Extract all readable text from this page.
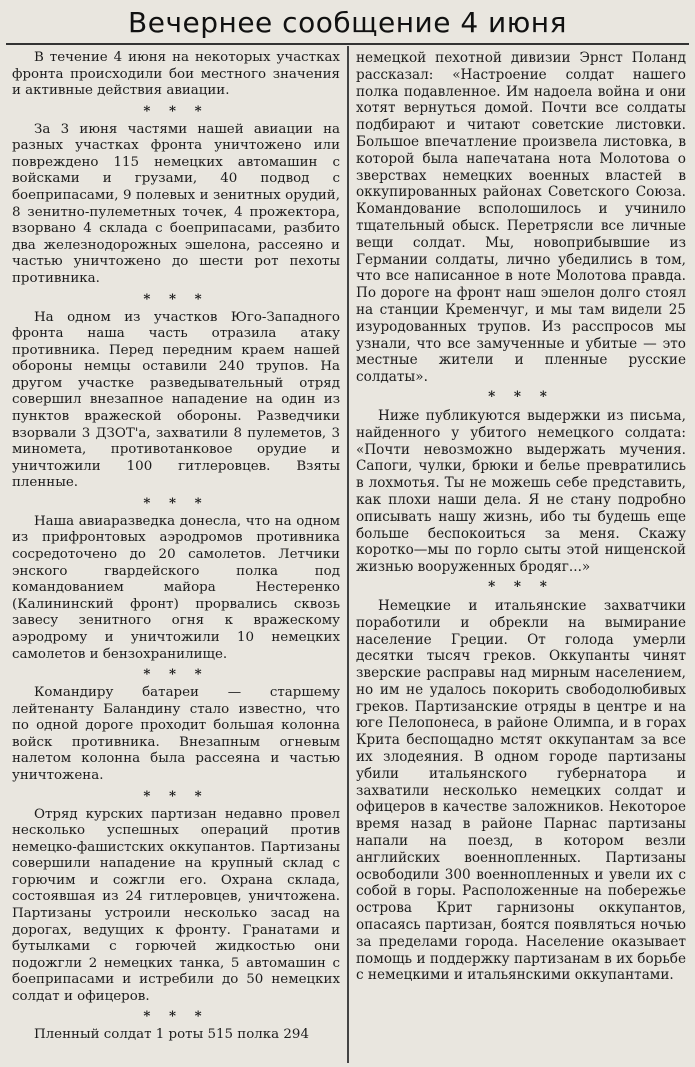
Вечернее сообщение 4 июня

В течение 4 июня на некоторых участках фронта происходили бои местного значения и активные действия авиации.

* * *

За 3 июня частями нашей авиации на разных участках фронта уничтожено или повреждено 115 немецких автомашин с войсками и грузами, 40 подвод с боеприпасами, 9 полевых и зенитных орудий, 8 зенитно-пулеметных точек, 4 прожектора, взорвано 4 склада с боеприпасами, разбито два железнодорожных эшелона, рассеяно и частью уничтожено до шести рот пехоты противника.

* * *

На одном из участков Юго-Западного фронта наша часть отразила атаку противника. Перед передним краем нашей обороны немцы оставили 240 трупов. На другом участке разведывательный отряд совершил внезапное нападение на один из пунктов вражеской обороны. Разведчики взорвали 3 ДЗОТ'а, захватили 8 пулеметов, 3 миномета, противотанковое орудие и уничтожили 100 гитлеровцев. Взяты пленные.

* * *

Наша авиаразведка донесла, что на одном из прифронтовых аэродромов противника сосредоточено до 20 самолетов. Летчики энского гвардейского полка под командованием майора Нестеренко (Калининский фронт) прорвались сквозь завесу зенитного огня к вражескому аэродрому и уничтожили 10 немецких самолетов и бензохранилище.

* * *

Командиру батареи — старшему лейтенанту Баландину стало известно, что по одной дороге проходит большая колонна войск противника. Внезапным огневым налетом колонна была рассеяна и частью уничтожена.

* * *

Отряд курских партизан недавно провел несколько успешных операций против немецко-фашистских оккупантов. Партизаны совершили нападение на крупный склад с горючим и сожгли его. Охрана склада, состоявшая из 24 гитлеровцев, уничтожена. Партизаны устроили несколько засад на дорогах, ведущих к фронту. Гранатами и бутылками с горючей жидкостью они подожгли 2 немецких танка, 5 автомашин с боеприпасами и истребили до 50 немецких солдат и офицеров.

* * *

Пленный солдат 1 роты 515 полка 294

немецкой пехотной дивизии Эрнст Поланд рассказал: «Настроение солдат нашего полка подавленное. Им надоела война и они хотят вернуться домой. Почти все солдаты подбирают и читают советские листовки. Большое впечатление произвела листовка, в которой была напечатана нота Молотова о зверствах немецких военных властей в оккупированных районах Советского Союза. Командование всполошилось и учинило тщательный обыск. Перетрясли все личные вещи солдат. Мы, новоприбывшие из Германии солдаты, лично убедились в том, что все написанное в ноте Молотова правда. По дороге на фронт наш эшелон долго стоял на станции Кременчуг, и мы там видели 25 изуродованных трупов. Из расспросов мы узнали, что все замученные и убитые — это местные жители и пленные русские солдаты».

* * *

Ниже публикуются выдержки из письма, найденного у убитого немецкого солдата: «Почти невозможно выдержать мучения. Сапоги, чулки, брюки и белье превратились в лохмотья. Ты не можешь себе представить, как плохи наши дела. Я не стану подробно описывать нашу жизнь, ибо ты будешь еще больше беспокоиться за меня. Скажу коротко—мы по горло сыты этой нищенской жизнью вооруженных бродяг...»

* * *

Немецкие и итальянские захватчики поработили и обрекли на вымирание население Греции. От голода умерли десятки тысяч греков. Оккупанты чинят зверские расправы над мирным населением, но им не удалось покорить свободолюбивых греков. Партизанские отряды в центре и на юге Пелопонеса, в районе Олимпа, и в горах Крита беспощадно мстят оккупантам за все их злодеяния. В одном городе партизаны убили итальянского губернатора и захватили несколько немецких солдат и офицеров в качестве заложников. Некоторое время назад в районе Парнас партизаны напали на поезд, в котором везли английских военнопленных. Партизаны освободили 300 военнопленных и увели их с собой в горы. Расположенные на побережье острова Крит гарнизоны оккупантов, опасаясь партизан, боятся появляться ночью за пределами города. Население оказывает помощь и поддержку партизанам в их борьбе с немецкими и итальянскими оккупантами.
